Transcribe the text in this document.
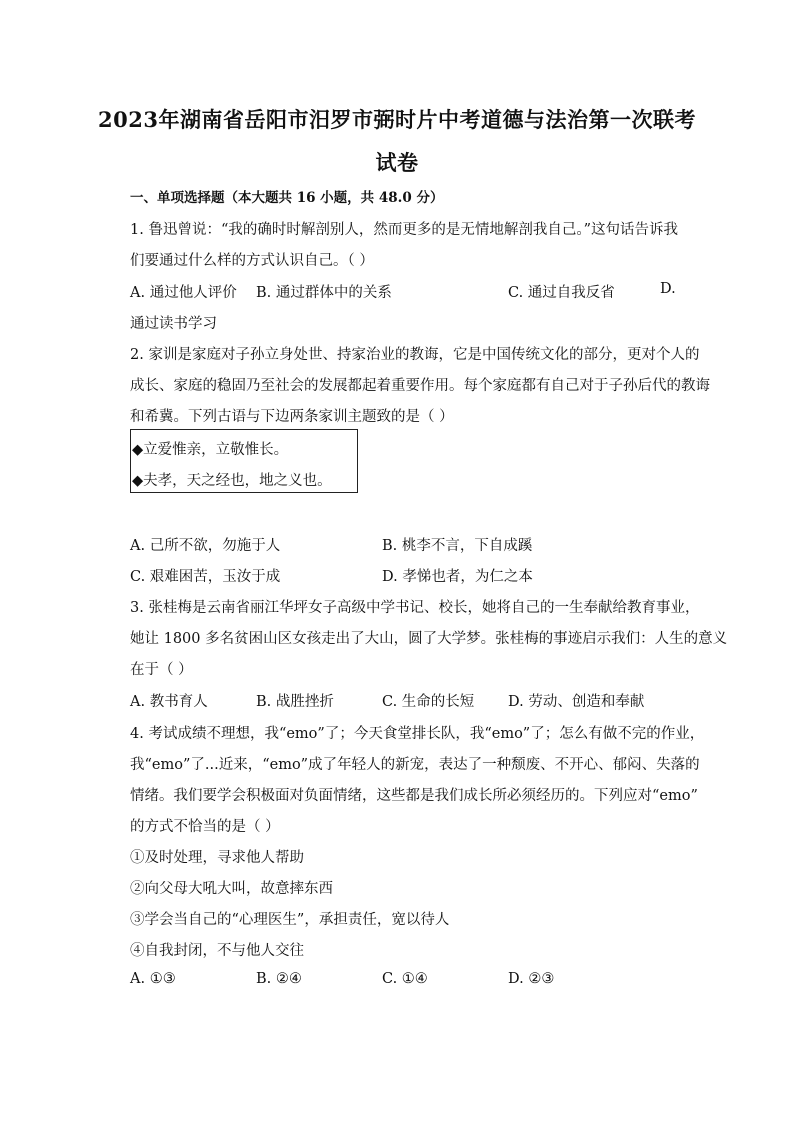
2023年湖南省岳阳市汨罗市弼时片中考道德与法治第一次联考
试卷
一、单项选择题（本大题共 16 小题，共 48.0 分）
1. 鲁迅曾说：“我的确时时解剖别人，然而更多的是无情地解剖我自己。”这句话告诉我
们要通过什么样的方式认识自己。（ ）
A. 通过他人评价 B. 通过群体中的关系	C. 通过自我反省	D.
通过读书学习
2. 家训是家庭对子孙立身处世、持家治业的教诲，它是中国传统文化的部分，更对个人的
成长、家庭的稳固乃至社会的发展都起着重要作用。每个家庭都有自己对于子孙后代的教诲
和希冀。下列古语与下边两条家训主题致的是（ ）
◆立爱惟亲，立敬惟长。
◆夫孝，天之经也，地之义也。
A. 己所不欲，勿施于人	B. 桃李不言，下自成蹊
C. 艰难困苦，玉汝于成	D. 孝悌也者，为仁之本
3. 张桂梅是云南省丽江华坪女子高级中学书记、校长，她将自己的一生奉献给教育事业，
她让 1800 多名贫困山区女孩走出了大山，圆了大学梦。张桂梅的事迹启示我们：人生的意义
在于（ ）
A. 教书育人	B. 战胜挫折	C. 生命的长短 D. 劳动、创造和奉献
4. 考试成绩不理想，我“emo”了；今天食堂排长队，我“emo”了；怎么有做不完的作业，
我“emo”了...近来，“emo”成了年轻人的新宠，表达了一种颓废、不开心、郁闷、失落的
情绪。我们要学会积极面对负面情绪，这些都是我们成长所必须经历的。下列应对“emo”
的方式不恰当的是（ ）
①及时处理，寻求他人帮助
②向父母大吼大叫，故意摔东西
③学会当自己的“心理医生”，承担责任，宽以待人
④自我封闭，不与他人交往
A. ①③	B. ②④	C. ①④	D. ②③
